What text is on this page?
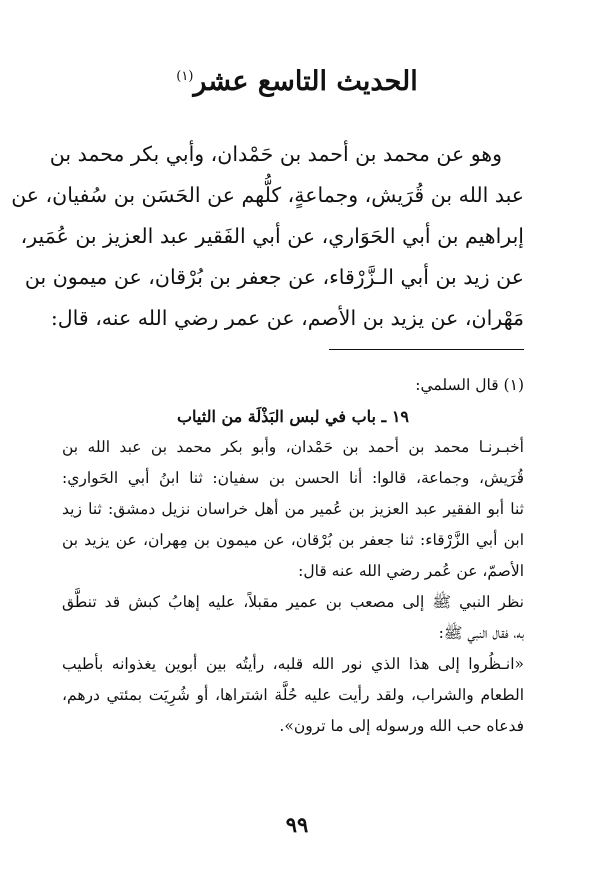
الحديث التاسع عشر$^{(١)}$
وهو عن محمد بن أحمد بن حَمْدان، وأبي بكر محمد بن
عبد الله بن قُرَيش، وجماعةٍ، كلُّهم عن الحَسَن بن سُفيان، عن
إبراهيم بن أبي الحَوَاري، عن أبي الفَقير عبد العزيز بن عُمَير،
عن زيد بن أبي الـزَّرْقاء، عن جعفر بن بُرْقان، عن ميمون بن
مَهْران، عن يزيد بن الأصم، عن عمر رضي الله عنه، قال:
(١) قال السلمي:
١٩ ـ باب في لبس البَذْلَة من الثياب
أخبـرنـا محمد بن أحمد بن حَمْدان، وأبو بكر محمد بن عبد الله بن
قُرَيش، وجماعة، قالوا: أنا الحسن بن سفيان: ثنا ابنُ أبي الحَواري:
ثنا أبو الفقير عبد العزيز بن عُمير من أهل خراسان نزيل دمشق: ثنا زيد
ابن أبي الزَّرْقاء: ثنا جعفر بن بُرْقان، عن ميمون بن مِهران، عن يزيد بن
الأصمّ، عن عُمر رضي الله عنه قال:
نظر النبي ﷺ إلى مصعب بن عمير مقبلاً، عليه إهابُ كبش قد تنطَّق
به، فقال النبي ﷺ:
«انـظُروا إلى هذا الذي نور الله قلبه، رأيتُه بين أبوين يغذوانه بأطيب
الطعام والشراب، ولقد رأيت عليه حُلَّة اشتراها، أو شُرِيَت بمئتي درهم،
فدعاه حب الله ورسوله إلى ما ترون».
٩٩
